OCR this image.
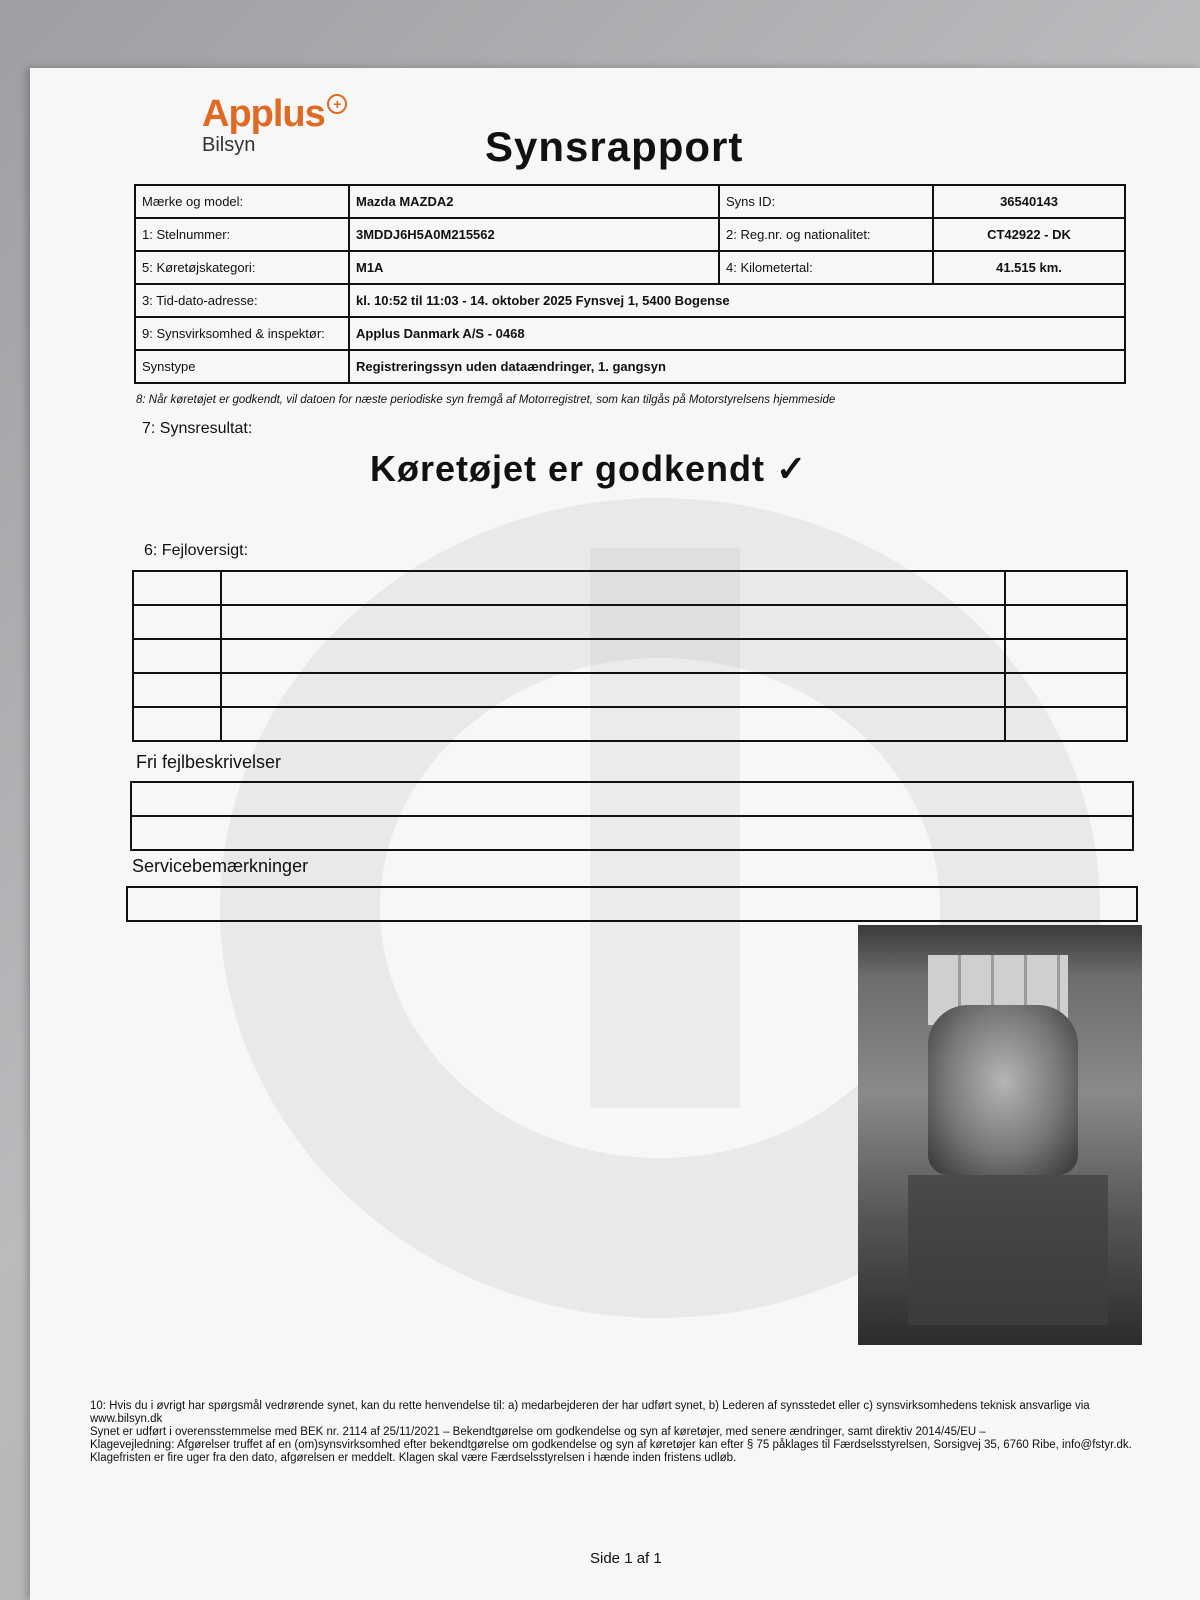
Applus +
Bilsyn	Synsrapport
Mærke og model:	Mazda MAZDA2	Syns ID:	36540143
1: Stelnummer:	3MDDJ6H5A0M215562	2: Reg.nr. og nationalitet:	CT42922 - DK
5: Køretøjskategori:	M1A	4: Kilometertal:	41.515 km.
3: Tid-dato-adresse:	kl. 10:52 til 11:03 - 14. oktober 2025 Fynsvej 1, 5400 Bogense		
9: Synsvirksomhed & inspektør:	Applus Danmark A/S - 0468		
Synstype	Registreringssyn uden dataændringer, 1. gangsyn		
8: Når køretøjet er godkendt, vil datoen for næste periodiske syn fremgå af Motorregistret, som kan tilgås på Motorstyrelsens hjemmeside
7: Synsresultat:
Køretøjet er godkendt ✓
6: Fejloversigt:

Fri fejlbeskrivelser
Servicebemærkninger

10: Hvis du i øvrigt har spørgsmål vedrørende synet, kan du rette henvendelse til: a) medarbejderen der har udført synet, b) Lederen af synsstedet eller c) synsvirksomhedens teknisk ansvarlige via www.bilsyn.dk

Synet er udført i overensstemmelse med BEK nr. 2114 af 25/11/2021 – Bekendtgørelse om godkendelse og syn af køretøjer, med senere ændringer, samt direktiv 2014/45/EU –

Klagevejledning: Afgørelser truffet af en (om)synsvirksomhed efter bekendtgørelse om godkendelse og syn af køretøjer kan efter § 75 påklages til Færdselsstyrelsen, Sorsigvej 35, 6760 Ribe, info@fstyr.dk. Klagefristen er fire uger fra den dato, afgørelsen er meddelt. Klagen skal være Færdselsstyrelsen i hænde inden fristens udløb.

Side 1 af 1
